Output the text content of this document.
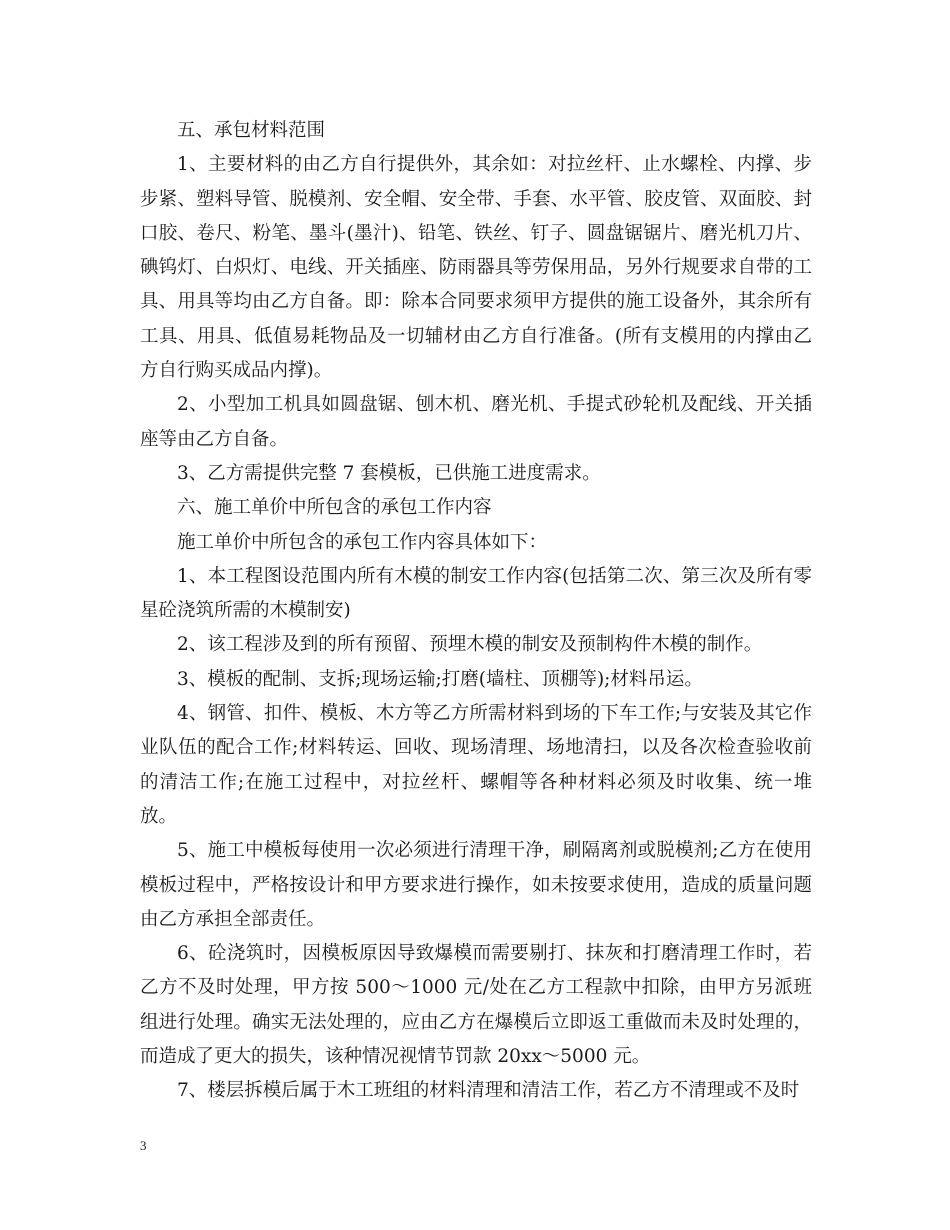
五、承包材料范围

1、主要材料的由乙方自行提供外，其余如：对拉丝杆、止水螺栓、内撑、步步紧、塑料导管、脱模剂、安全帽、安全带、手套、水平管、胶皮管、双面胶、封口胶、卷尺、粉笔、墨斗(墨汁)、铅笔、铁丝、钉子、圆盘锯锯片、磨光机刀片、碘钨灯、白炽灯、电线、开关插座、防雨器具等劳保用品，另外行规要求自带的工具、用具等均由乙方自备。即：除本合同要求须甲方提供的施工设备外，其余所有工具、用具、低值易耗物品及一切辅材由乙方自行准备。(所有支模用的内撑由乙方自行购买成品内撑)。

2、小型加工机具如圆盘锯、刨木机、磨光机、手提式砂轮机及配线、开关插座等由乙方自备。

3、乙方需提供完整 7 套模板，已供施工进度需求。

六、施工单价中所包含的承包工作内容

施工单价中所包含的承包工作内容具体如下：

1、本工程图设范围内所有木模的制安工作内容(包括第二次、第三次及所有零星砼浇筑所需的木模制安)

2、该工程涉及到的所有预留、预埋木模的制安及预制构件木模的制作。

3、模板的配制、支拆;现场运输;打磨(墙柱、顶棚等);材料吊运。

4、钢管、扣件、模板、木方等乙方所需材料到场的下车工作;与安装及其它作业队伍的配合工作;材料转运、回收、现场清理、场地清扫，以及各次检查验收前的清洁工作;在施工过程中，对拉丝杆、螺帽等各种材料必须及时收集、统一堆放。

5、施工中模板每使用一次必须进行清理干净，刷隔离剂或脱模剂;乙方在使用模板过程中，严格按设计和甲方要求进行操作，如未按要求使用，造成的质量问题由乙方承担全部责任。

6、砼浇筑时，因模板原因导致爆模而需要剔打、抹灰和打磨清理工作时，若乙方不及时处理，甲方按 500～1000 元/处在乙方工程款中扣除，由甲方另派班组进行处理。确实无法处理的，应由乙方在爆模后立即返工重做而未及时处理的，而造成了更大的损失，该种情况视情节罚款 20xx～5000 元。

7、楼层拆模后属于木工班组的材料清理和清洁工作，若乙方不清理或不及时

3
